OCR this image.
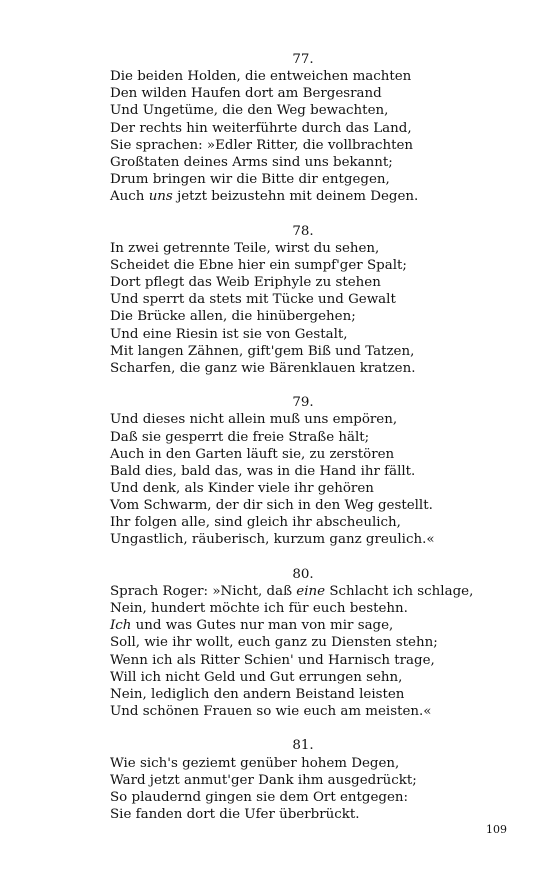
77.
Die beiden Holden, die entweichen machten
Den wilden Haufen dort am Bergesrand
Und Ungetüme, die den Weg bewachten,
Der rechts hin weiterführte durch das Land,
Sie sprachen: »Edler Ritter, die vollbrachten
Großtaten deines Arms sind uns bekannt;
Drum bringen wir die Bitte dir entgegen,
Auch uns jetzt beizustehn mit deinem Degen.
78.
In zwei getrennte Teile, wirst du sehen,
Scheidet die Ebne hier ein sumpf'ger Spalt;
Dort pflegt das Weib Eriphyle zu stehen
Und sperrt da stets mit Tücke und Gewalt
Die Brücke allen, die hinübergehen;
Und eine Riesin ist sie von Gestalt,
Mit langen Zähnen, gift'gem Biß und Tatzen,
Scharfen, die ganz wie Bärenklauen kratzen.
79.
Und dieses nicht allein muß uns empören,
Daß sie gesperrt die freie Straße hält;
Auch in den Garten läuft sie, zu zerstören
Bald dies, bald das, was in die Hand ihr fällt.
Und denk, als Kinder viele ihr gehören
Vom Schwarm, der dir sich in den Weg gestellt.
Ihr folgen alle, sind gleich ihr abscheulich,
Ungastlich, räuberisch, kurzum ganz greulich.«
80.
Sprach Roger: »Nicht, daß eine Schlacht ich schlage,
Nein, hundert möchte ich für euch bestehn.
Ich und was Gutes nur man von mir sage,
Soll, wie ihr wollt, euch ganz zu Diensten stehn;
Wenn ich als Ritter Schien' und Harnisch trage,
Will ich nicht Geld und Gut errungen sehn,
Nein, lediglich den andern Beistand leisten
Und schönen Frauen so wie euch am meisten.«
81.
Wie sich's geziemt genüber hohem Degen,
Ward jetzt anmut'ger Dank ihm ausgedrückt;
So plaudernd gingen sie dem Ort entgegen:
Sie fanden dort die Ufer überbrückt.
109
